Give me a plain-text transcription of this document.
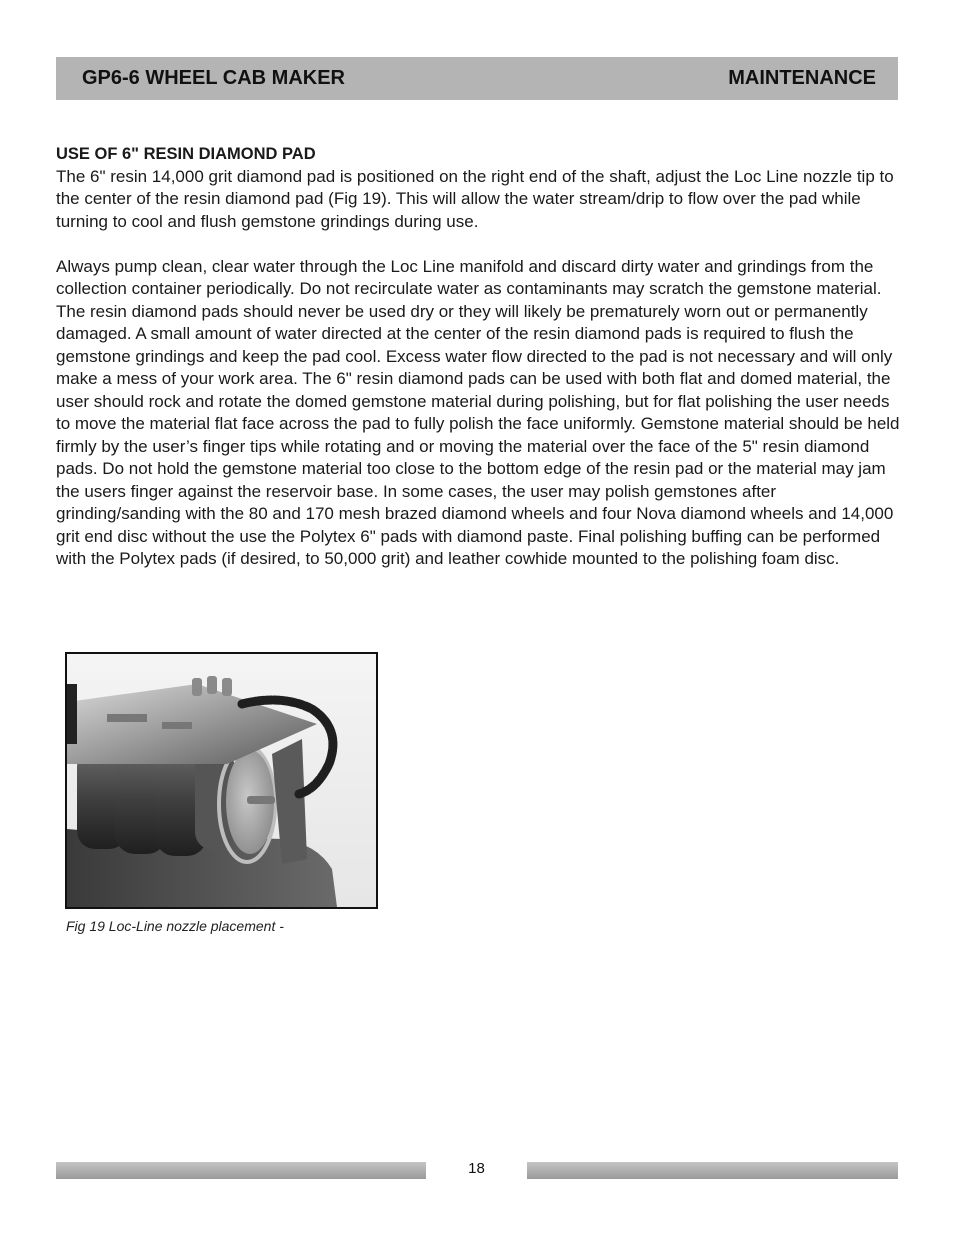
GP6-6 WHEEL CAB MAKER	MAINTENANCE
USE OF 6" RESIN DIAMOND PAD

The 6" resin 14,000 grit diamond pad is positioned on the right end of the shaft, adjust the Loc Line nozzle tip to the center of the resin diamond pad (Fig 19). This will allow the water stream/drip to flow over the pad while turning to cool and flush gemstone grindings during use.

Always pump clean, clear water through the Loc Line manifold and discard dirty water and grindings from the collection container periodically. Do not recirculate water as contaminants may scratch the gemstone material. The resin diamond pads should never be used dry or they will likely be prematurely worn out or permanently damaged. A small amount of water directed at the center of the resin diamond pads is required to flush the gemstone grindings and keep the pad cool. Excess water flow directed to the pad is not necessary and will only make a mess of your work area. The 6" resin diamond pads can be used with both flat and domed material, the user should rock and rotate the domed gemstone material during polishing, but for flat polishing the user needs to move the material flat face across the pad to fully polish the face uniformly. Gemstone material should be held firmly by the user’s finger tips while rotating and or moving the material over the face of the 5" resin diamond pads. Do not hold the gemstone material too close to the bottom edge of the resin pad or the material may jam the users finger against the reservoir base. In some cases, the user may polish gemstones after grinding/sanding with the 80 and 170 mesh brazed diamond wheels and four Nova diamond wheels and 14,000 grit end disc without the use the Polytex 6" pads with diamond paste. Final polishing buffing can be performed with the Polytex pads (if desired, to 50,000 grit) and leather cowhide mounted to the polishing foam disc.

Fig 19 Loc-Line nozzle placement -
18
